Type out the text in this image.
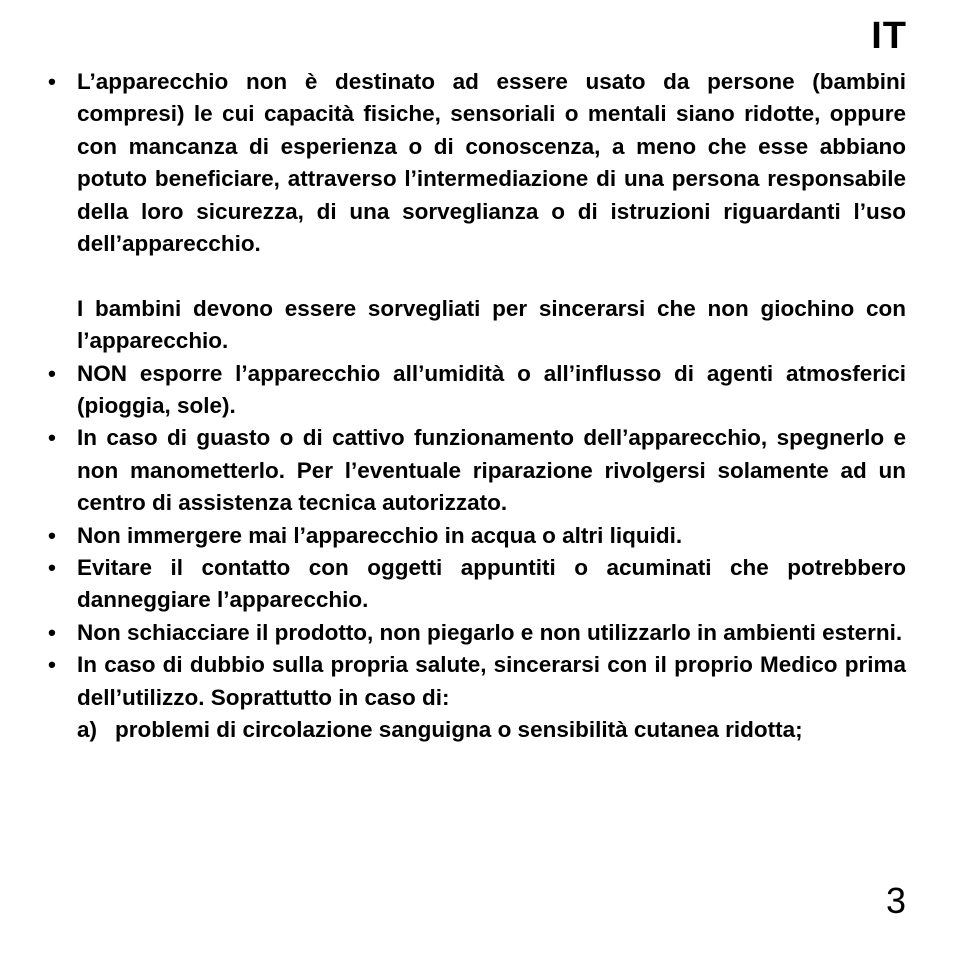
IT
• L’apparecchio non è destinato ad essere usato da persone (bambini compresi) le cui capacità fisiche, sensoriali o mentali siano ridotte, oppure con mancanza di esperienza o di conoscenza, a meno che esse abbiano potuto beneficiare, attraverso l’intermediazione di una persona responsabile della loro sicurezza, di una sorveglianza o di istruzioni riguardanti l’uso dell’apparecchio.

I bambini devono essere sorvegliati per sincerarsi che non giochino con l’apparecchio.

• NON esporre l’apparecchio all’umidità o all’influsso di agenti atmosferici (pioggia, sole).

• In caso di guasto o di cattivo funzionamento dell’apparecchio, spegnerlo e non manometterlo. Per l’eventuale riparazione rivolgersi solamente ad un centro di assistenza tecnica autorizzato.

• Non immergere mai l’apparecchio in acqua o altri liquidi.

• Evitare il contatto con oggetti appuntiti o acuminati che potrebbero danneggiare l’apparecchio.

• Non schiacciare il prodotto, non piegarlo e non utilizzarlo in ambienti esterni.

• In caso di dubbio sulla propria salute, sincerarsi con il proprio Medico prima dell’utilizzo. Soprattutto in caso di:

a) problemi di circolazione sanguigna o sensibilità cutanea ridotta;

3
